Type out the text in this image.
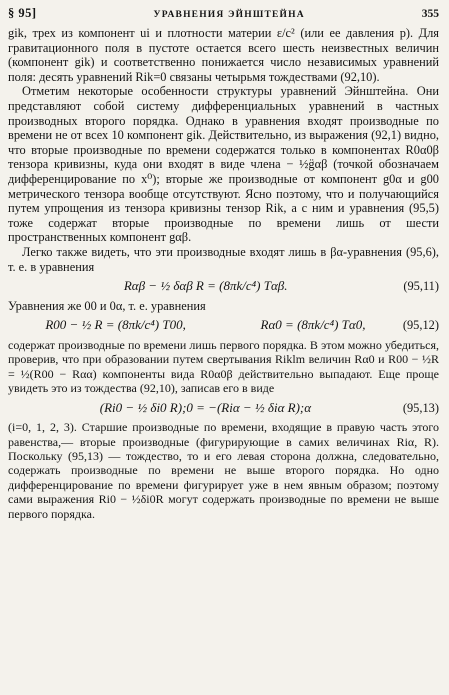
§ 95]	УРАВНЕНИЯ ЭЙНШТЕЙНА	355

gik, трех из компонент ui и плотности материи ε/c² (или ее давления p). Для гравитационного поля в пустоте остается всего шесть неизвестных величин (компонент gik) и соответственно понижается число независимых уравнений поля: десять уравнений Rik=0 связаны четырьмя тождествами (92,10).

Отметим некоторые особенности структуры уравнений Эйнштейна. Они представляют собой систему дифференциальных уравнений в частных производных второго порядка. Однако в уравнения входят производные по времени не от всех 10 компонент gik. Действительно, из выражения (92,1) видно, что вторые производные по времени содержатся только в компонентах R0α0β тензора кривизны, куда они входят в виде члена − ½g̈αβ (точкой обозначаем дифференцирование по x⁰); вторые же производные от компонент g0α и g00 метрического тензора вообще отсутствуют. Ясно поэтому, что и получающийся путем упрощения из тензора кривизны тензор Rik, а с ним и уравнения (95,5) тоже содержат вторые производные по времени лишь от шести пространственных компонент gαβ.

Легко также видеть, что эти производные входят лишь в βα-уравнения (95,6), т. е. в уравнения

Rαβ − ½ δαβ R = (8πk/c⁴) Tαβ.	(95,11)

Уравнения же 00 и 0α, т. е. уравнения

R00 − ½ R = (8πk/c⁴) T00,	Rα0 = (8πk/c⁴) Tα0,	(95,12)

содержат производные по времени лишь первого порядка. В этом можно убедиться, проверив, что при образовании путем свертывания Riklm величин Rα0 и R00 − ½R = ½(R00 − Rαα) компоненты вида R0α0β действительно выпадают. Еще проще увидеть это из тождества (92,10), записав его в виде

(Ri0 − ½ δi0 R);0 = −(Riα − ½ δiα R);α	(95,13)

(i=0, 1, 2, 3). Старшие производные по времени, входящие в правую часть этого равенства,— вторые производные (фигурирующие в самих величинах Riα, R). Поскольку (95,13) — тождество, то и его левая сторона должна, следовательно, содержать производные по времени не выше второго порядка. Но одно дифференцирование по времени фигурирует уже в нем явным образом; поэтому сами выражения Ri0 − ½δi0R могут содержать производные по времени не выше первого порядка.
